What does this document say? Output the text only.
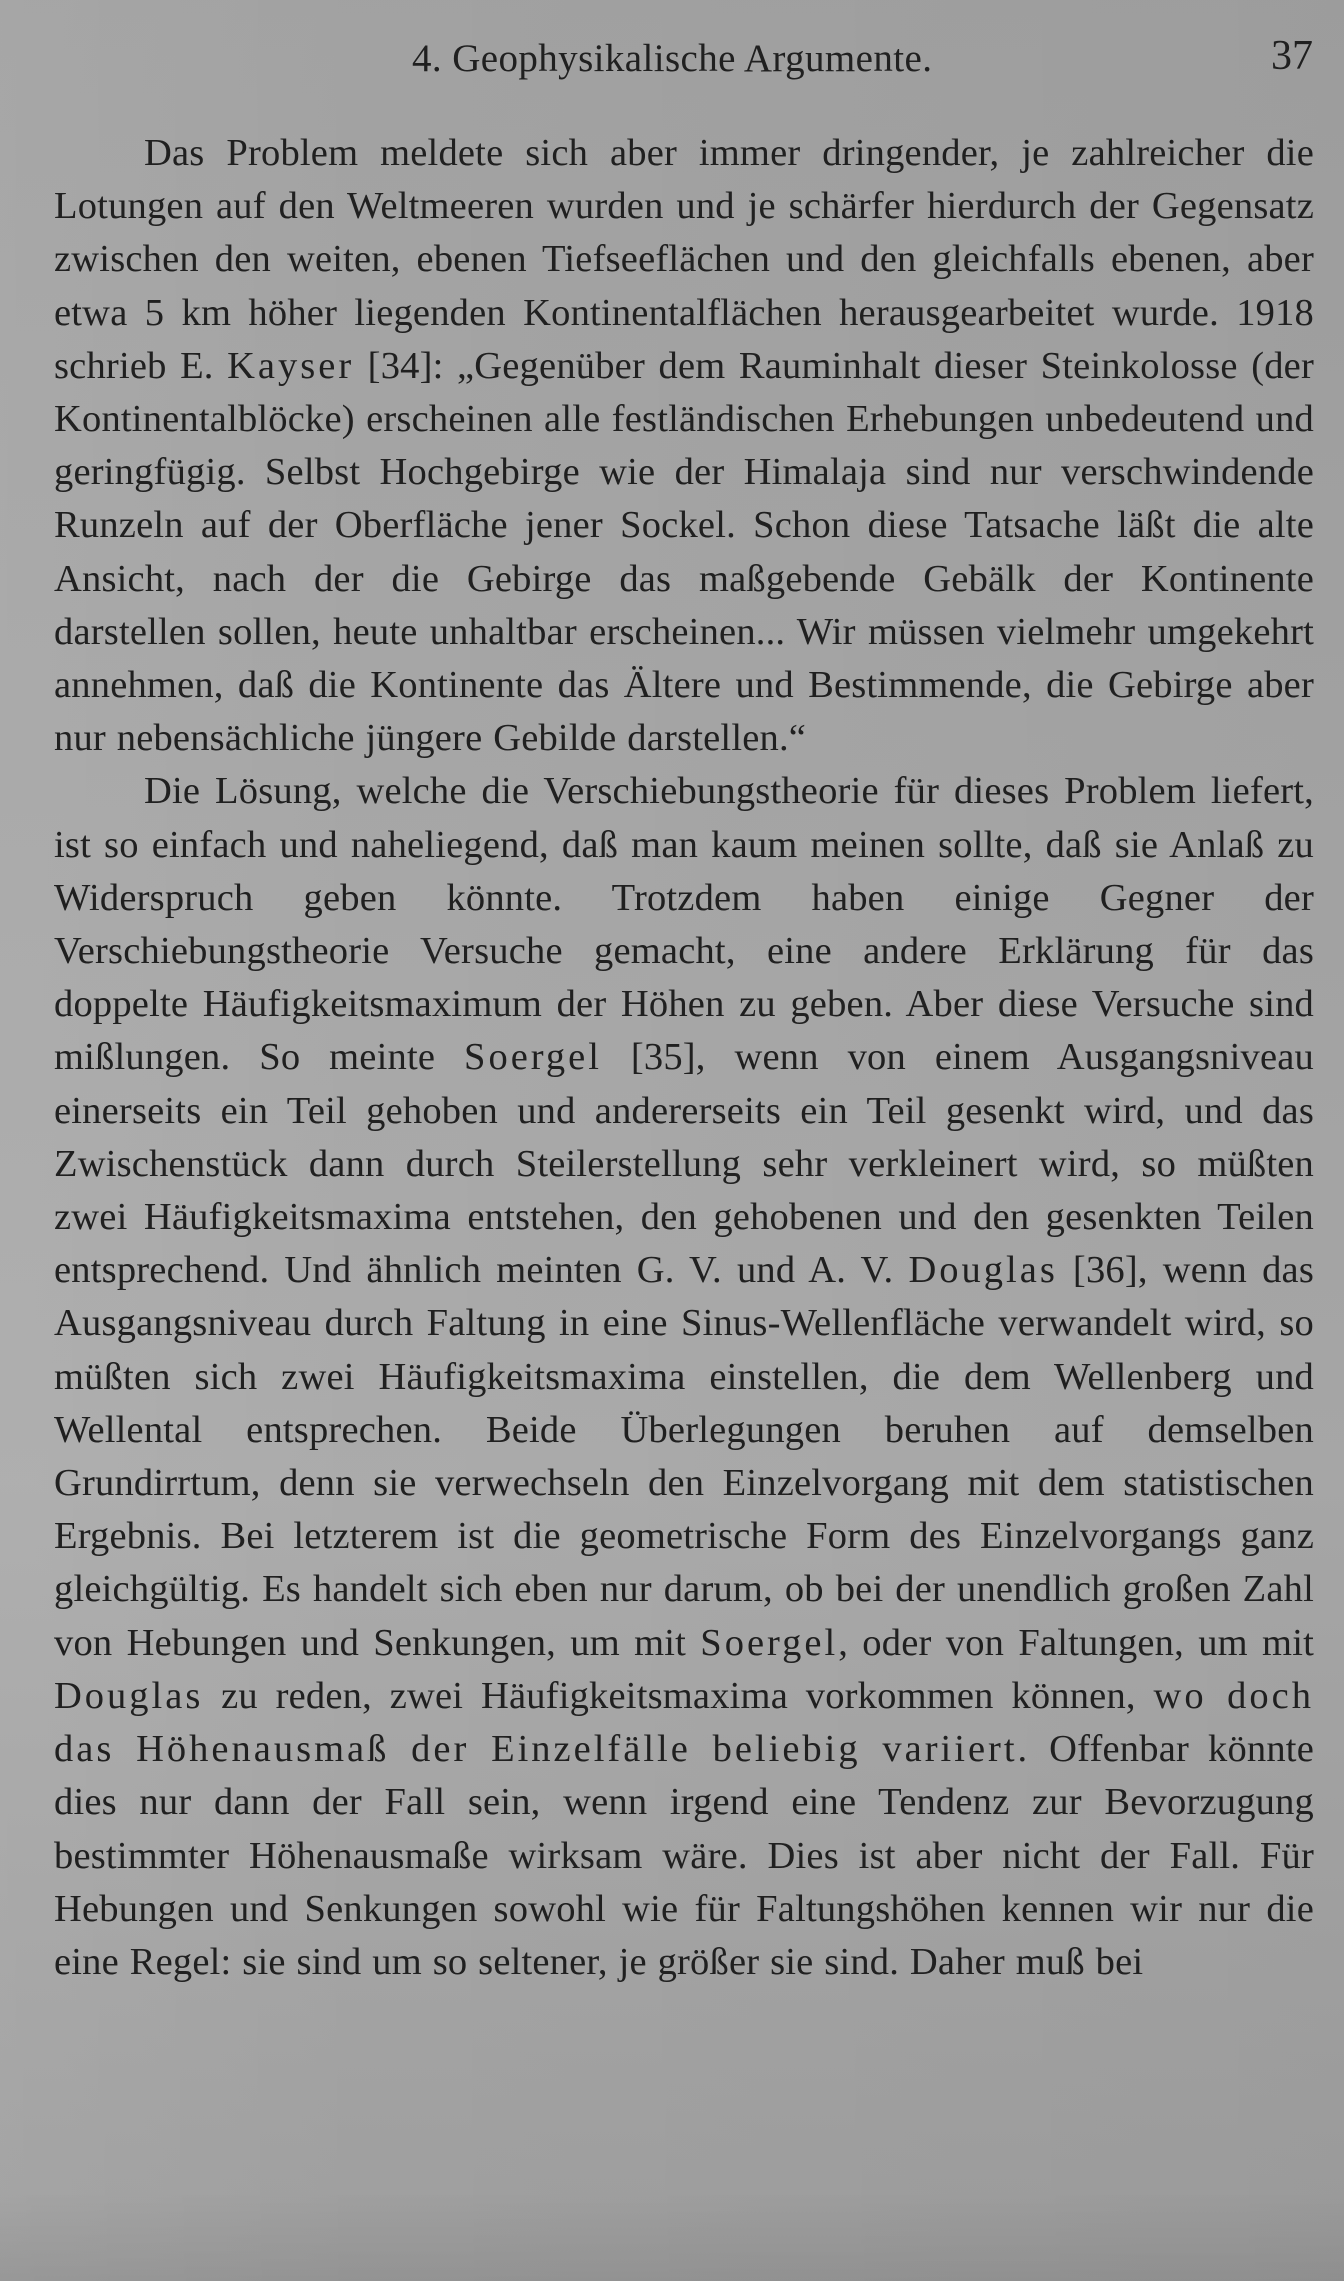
4. Geophysikalische Argumente.	37

Das Problem meldete sich aber immer dringender, je zahlreicher die Lotungen auf den Weltmeeren wurden und je schärfer hierdurch der Gegensatz zwischen den weiten, ebenen Tiefseeflächen und den gleichfalls ebenen, aber etwa 5 km höher liegenden Kontinentalflächen herausgearbeitet wurde. 1918 schrieb E. Kayser [34]: „Gegenüber dem Rauminhalt dieser Steinkolosse (der Kontinentalblöcke) erscheinen alle festländischen Erhebungen unbedeutend und geringfügig. Selbst Hochgebirge wie der Himalaja sind nur verschwindende Runzeln auf der Oberfläche jener Sockel. Schon diese Tatsache läßt die alte Ansicht, nach der die Gebirge das maßgebende Gebälk der Kontinente darstellen sollen, heute unhaltbar erscheinen... Wir müssen vielmehr umgekehrt annehmen, daß die Kontinente das Ältere und Bestimmende, die Gebirge aber nur nebensächliche jüngere Gebilde darstellen.“

Die Lösung, welche die Verschiebungstheorie für dieses Problem liefert, ist so einfach und naheliegend, daß man kaum meinen sollte, daß sie Anlaß zu Widerspruch geben könnte. Trotzdem haben einige Gegner der Verschiebungstheorie Versuche gemacht, eine andere Erklärung für das doppelte Häufigkeitsmaximum der Höhen zu geben. Aber diese Versuche sind mißlungen. So meinte Soergel [35], wenn von einem Ausgangsniveau einerseits ein Teil gehoben und andererseits ein Teil gesenkt wird, und das Zwischenstück dann durch Steilerstellung sehr verkleinert wird, so müßten zwei Häufigkeitsmaxima entstehen, den gehobenen und den gesenkten Teilen entsprechend. Und ähnlich meinten G. V. und A. V. Douglas [36], wenn das Ausgangsniveau durch Faltung in eine Sinus-Wellenfläche verwandelt wird, so müßten sich zwei Häufigkeitsmaxima einstellen, die dem Wellenberg und Wellental entsprechen. Beide Überlegungen beruhen auf demselben Grundirrtum, denn sie verwechseln den Einzelvorgang mit dem statistischen Ergebnis. Bei letzterem ist die geometrische Form des Einzelvorgangs ganz gleichgültig. Es handelt sich eben nur darum, ob bei der unendlich großen Zahl von Hebungen und Senkungen, um mit Soergel, oder von Faltungen, um mit Douglas zu reden, zwei Häufigkeitsmaxima vorkommen können, wo doch das Höhenausmaß der Einzelfälle beliebig variiert. Offenbar könnte dies nur dann der Fall sein, wenn irgend eine Tendenz zur Bevorzugung bestimmter Höhenausmaße wirksam wäre. Dies ist aber nicht der Fall. Für Hebungen und Senkungen sowohl wie für Faltungshöhen kennen wir nur die eine Regel: sie sind um so seltener, je größer sie sind. Daher muß bei
